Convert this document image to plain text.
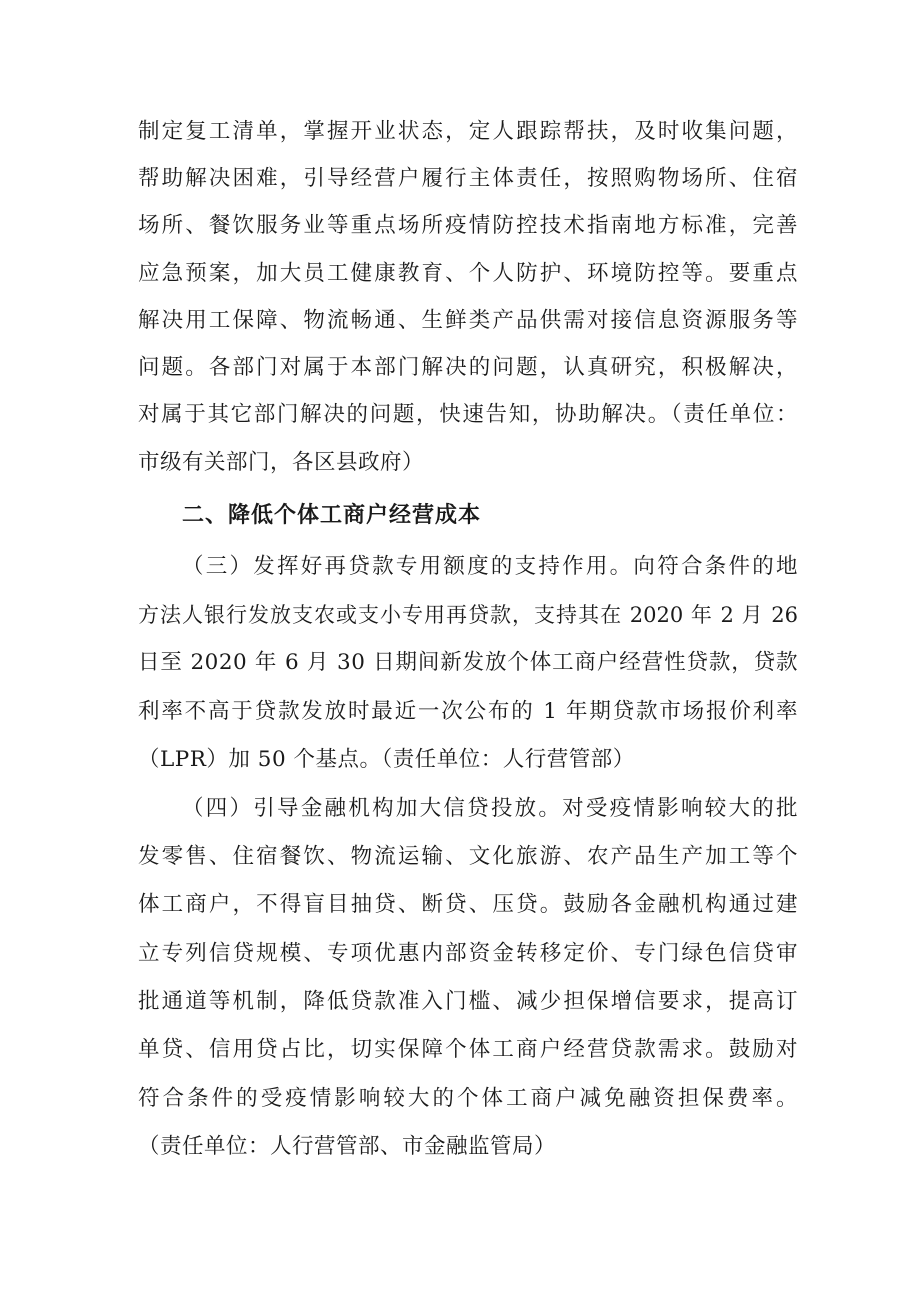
制定复工清单，掌握开业状态，定人跟踪帮扶，及时收集问题，
帮助解决困难，引导经营户履行主体责任，按照购物场所、住宿
场所、餐饮服务业等重点场所疫情防控技术指南地方标准，完善
应急预案，加大员工健康教育、个人防护、环境防控等。要重点
解决用工保障、物流畅通、生鲜类产品供需对接信息资源服务等
问题。各部门对属于本部门解决的问题，认真研究，积极解决，
对属于其它部门解决的问题，快速告知，协助解决。（责任单位：
市级有关部门，各区县政府）
二、降低个体工商户经营成本
（三）发挥好再贷款专用额度的支持作用。向符合条件的地
方法人银行发放支农或支小专用再贷款，支持其在 2020 年 2 月 26
日至 2020 年 6 月 30 日期间新发放个体工商户经营性贷款，贷款
利率不高于贷款发放时最近一次公布的 1 年期贷款市场报价利率
（LPR）加 50 个基点。（责任单位：人行营管部）
（四）引导金融机构加大信贷投放。对受疫情影响较大的批
发零售、住宿餐饮、物流运输、文化旅游、农产品生产加工等个
体工商户，不得盲目抽贷、断贷、压贷。鼓励各金融机构通过建
立专列信贷规模、专项优惠内部资金转移定价、专门绿色信贷审
批通道等机制，降低贷款准入门槛、减少担保增信要求，提高订
单贷、信用贷占比，切实保障个体工商户经营贷款需求。鼓励对
符合条件的受疫情影响较大的个体工商户减免融资担保费率。
（责任单位：人行营管部、市金融监管局）
